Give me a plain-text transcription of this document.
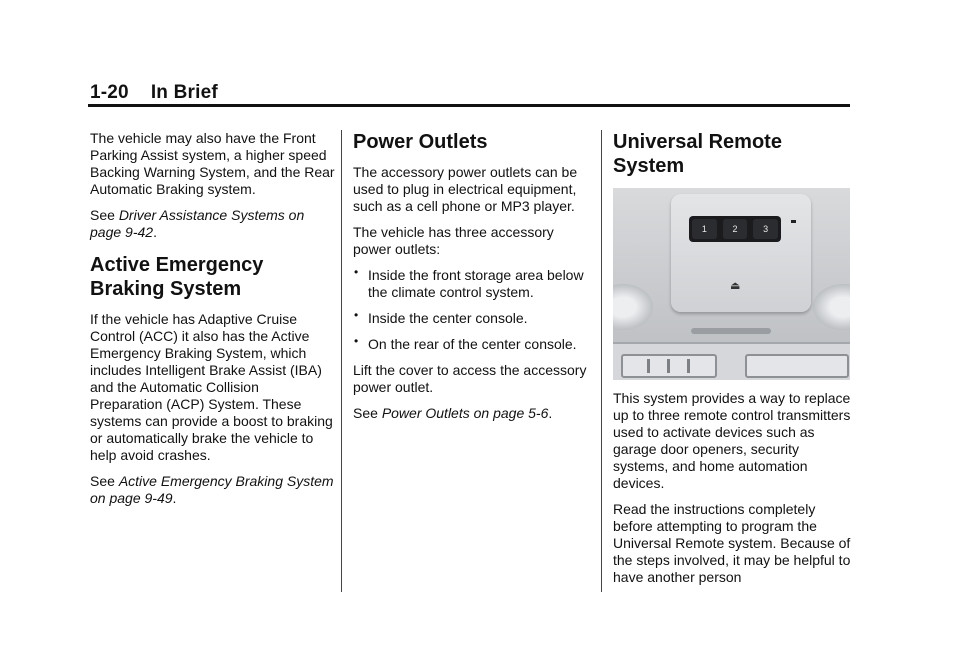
1-20 In Brief

The vehicle may also have the Front Parking Assist system, a higher speed Backing Warning System, and the Rear Automatic Braking system.

See Driver Assistance Systems on page 9-42.

Active Emergency Braking System

If the vehicle has Adaptive Cruise Control (ACC) it also has the Active Emergency Braking System, which includes Intelligent Brake Assist (IBA) and the Automatic Collision Preparation (ACP) System. These systems can provide a boost to braking or automatically brake the vehicle to help avoid crashes.

See Active Emergency Braking System on page 9-49.

Power Outlets

The accessory power outlets can be used to plug in electrical equipment, such as a cell phone or MP3 player.

The vehicle has three accessory power outlets:

• Inside the front storage area below the climate control system.
• Inside the center console.
• On the rear of the center console.

Lift the cover to access the accessory power outlet.

See Power Outlets on page 5-6.

Universal Remote System
1	2	3
⏏

This system provides a way to replace up to three remote control transmitters used to activate devices such as garage door openers, security systems, and home automation devices.

Read the instructions completely before attempting to program the Universal Remote system. Because of the steps involved, it may be helpful to have another person
